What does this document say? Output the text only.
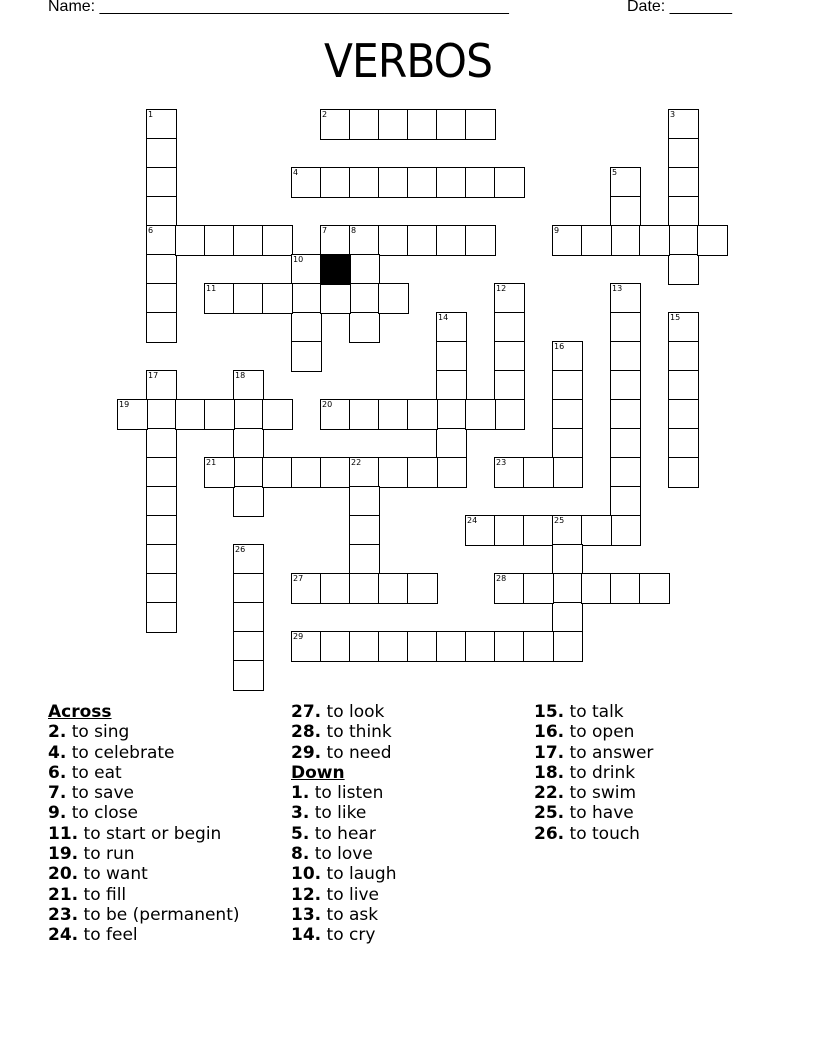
Name: ______________________________________________	Date: _______
VERBOS
1
6
2	3
4	5
7	8	9
10
11	12	13
14	15
16
17	18
19	20
21	22	23
24	25
26
27	28
29
Across
2. to sing
4. to celebrate
6. to eat
7. to save
9. to close
11. to start or begin
19. to run
20. to want
21. to fill
23. to be (permanent)
24. to feel
27. to look
28. to think
29. to need
Down
1. to listen
3. to like
5. to hear
8. to love
10. to laugh
12. to live
13. to ask
14. to cry
15. to talk
16. to open
17. to answer
18. to drink
22. to swim
25. to have
26. to touch
